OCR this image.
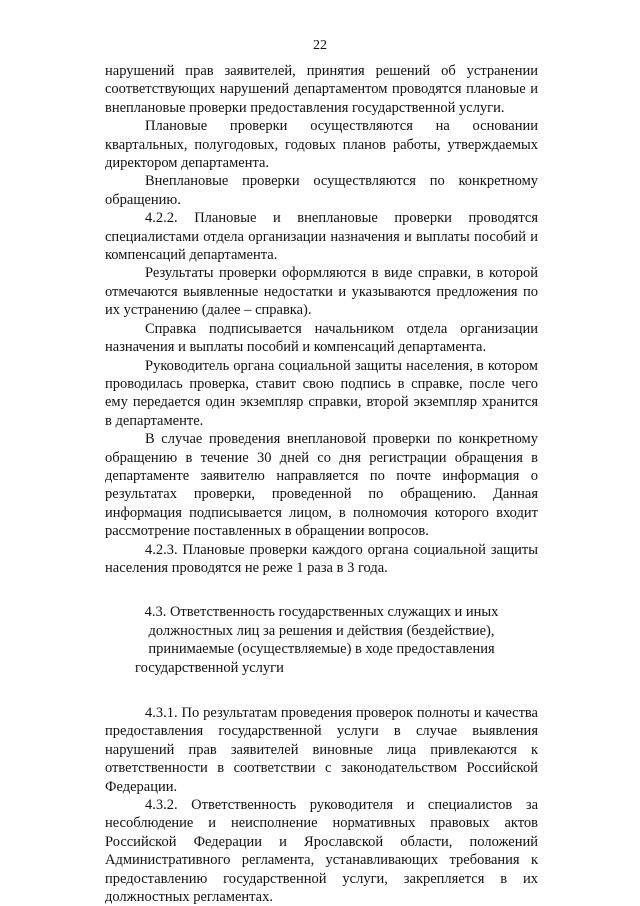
22

нарушений прав заявителей, принятия решений об устранении соответствующих нарушений департаментом проводятся плановые и внеплановые проверки предоставления государственной услуги.

Плановые проверки осуществляются на основании квартальных, полугодовых, годовых планов работы, утверждаемых директором департамента.

Внеплановые проверки осуществляются по конкретному обращению.

4.2.2. Плановые и внеплановые проверки проводятся специалистами отдела организации назначения и выплаты пособий и компенсаций департамента.

Результаты проверки оформляются в виде справки, в которой отмечаются выявленные недостатки и указываются предложения по их устранению (далее – справка).

Справка подписывается начальником отдела организации назначения и выплаты пособий и компенсаций департамента.

Руководитель органа социальной защиты населения, в котором проводилась проверка, ставит свою подпись в справке, после чего ему передается один экземпляр справки, второй экземпляр хранится в департаменте.

В случае проведения внеплановой проверки по конкретному обращению в течение 30 дней со дня регистрации обращения в департаменте заявителю направляется по почте информация о результатах проверки, проведенной по обращению. Данная информация подписывается лицом, в полномочия которого входит рассмотрение поставленных в обращении вопросов.

4.2.3. Плановые проверки каждого органа социальной защиты населения проводятся не реже 1 раза в 3 года.

4.3. Ответственность государственных служащих и иных должностных лиц за решения и действия (бездействие), принимаемые (осуществляемые) в ходе предоставления государственной услуги

4.3.1. По результатам проведения проверок полноты и качества предоставления государственной услуги в случае выявления нарушений прав заявителей виновные лица привлекаются к ответственности в соответствии с законодательством Российской Федерации.

4.3.2. Ответственность руководителя и специалистов за несоблюдение и неисполнение нормативных правовых актов Российской Федерации и Ярославской области, положений Административного регламента, устанавливающих требования к предоставлению государственной услуги, закрепляется в их должностных регламентах.
